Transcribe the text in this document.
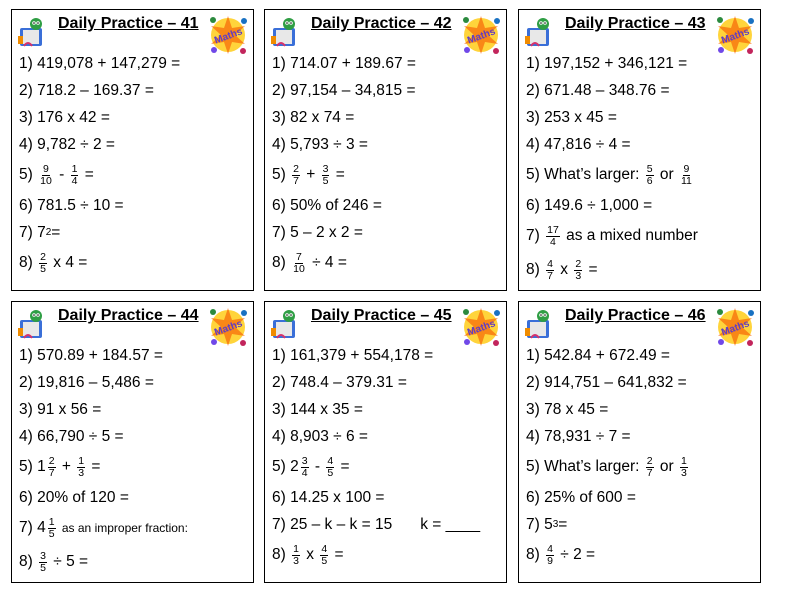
Daily Practice – 41
1) 419,078 + 147,279 =
2) 718.2 – 169.37 =
3) 176 x 42 =
4) 9,782 ÷ 2 =
5)
$\frac{9}{10}$
-
$\frac{1}{4}$
=
6) 781.5 ÷ 10 =
7) 7 2 =
8)
$\frac{2}{5}$
x 4 =
Daily Practice – 42
1) 714.07 + 189.67 =
2) 97,154 – 34,815 =
3) 82 x 74 =
4) 5,793 ÷ 3 =
5)
$\frac{2}{7}$
+
$\frac{3}{5}$
=
6) 50% of 246 =
7) 5 – 2 x 2 =
8)
$\frac{7}{10}$
÷ 4 =
Daily Practice – 43
1) 197,152 + 346,121 =
2) 671.48 – 348.76 =
3) 253 x 45 =
4) 47,816 ÷ 4 =
5) What’s larger:
$\frac{5}{6}$
or
$\frac{9}{11}$
6) 149.6 ÷ 1,000 =
7)
$\frac{17}{4}$
as a mixed number
8)
$\frac{4}{7}$
x
$\frac{2}{3}$
=
Daily Practice – 44
1) 570.89 + 184.57 =
2) 19,816 – 5,486 =
3) 91 x 56 =
4) 66,790 ÷ 5 =
5) $1 \frac{2}{7}$
+
$\frac{1}{3}$
=
6) 20% of 120 =
7) $4 \frac{1}{5}$
as an improper fraction:
8)
$\frac{3}{5}$
÷ 5 =
Daily Practice – 45
1) 161,379 + 554,178 =
2) 748.4 – 379.31 =
3) 144 x 35 =
4) 8,903 ÷ 6 =
5) $2 \frac{3}{4}$
-
$\frac{4}{5}$
=
6) 14.25 x 100 =
7) 25 – k – k = 15 k = ____
8)
$\frac{1}{3}$
x
$\frac{4}{5}$
=
Daily Practice – 46
1) 542.84 + 672.49 =
2) 914,751 – 641,832 =
3) 78 x 45 =
4) 78,931 ÷ 7 =
5) What’s larger:
$\frac{2}{7}$
or
$\frac{1}{3}$
6) 25% of 600 =
7) 5 3 =
8)
$\frac{4}{9}$
÷ 2 =
